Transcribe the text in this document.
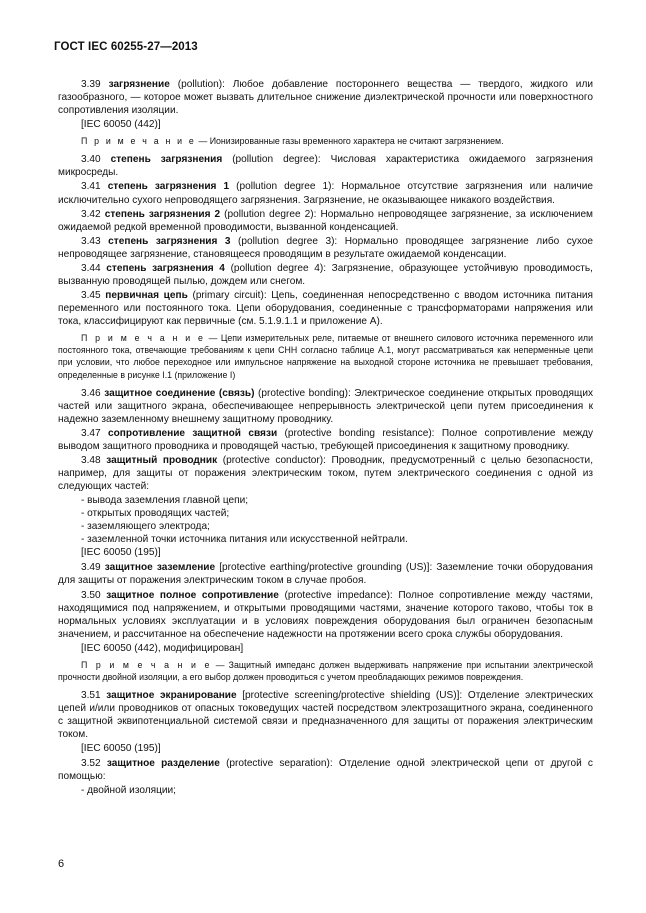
ГОСТ IEC 60255-27—2013

3.39 загрязнение (pollution): Любое добавление постороннего вещества — твердого, жидкого или газообразного, — которое может вызвать длительное снижение диэлектрической прочности или поверхностного сопротивления изоляции.

[IEC 60050 (442)]

П р и м е ч а н и е — Ионизированные газы временного характера не считают загрязнением.

3.40 степень загрязнения (pollution degree): Числовая характеристика ожидаемого загрязнения микросреды.

3.41 степень загрязнения 1 (pollution degree 1): Нормальное отсутствие загрязнения или наличие исключительно сухого непроводящего загрязнения. Загрязнение, не оказывающее никакого воздействия.

3.42 степень загрязнения 2 (pollution degree 2): Нормально непроводящее загрязнение, за исключением ожидаемой редкой временной проводимости, вызванной конденсацией.

3.43 степень загрязнения 3 (pollution degree 3): Нормально проводящее загрязнение либо сухое непроводящее загрязнение, становящееся проводящим в результате ожидаемой конденсации.

3.44 степень загрязнения 4 (pollution degree 4): Загрязнение, образующее устойчивую проводимость, вызванную проводящей пылью, дождем или снегом.

3.45 первичная цепь (primary circuit): Цепь, соединенная непосредственно с вводом источника питания переменного или постоянного тока. Цепи оборудования, соединенные с трансформаторами напряжения или тока, классифицируют как первичные (см. 5.1.9.1.1 и приложение А).

П р и м е ч а н и е — Цепи измерительных реле, питаемые от внешнего силового источника переменного или постоянного тока, отвечающие требованиям к цепи СНН согласно таблице А.1, могут рассматриваться как неперменные цепи при условии, что любое переходное или импульсное напряжение на выходной стороне источника не превышает требования, определенные в рисунке I.1 (приложение I)

3.46 защитное соединение (связь) (protective bonding): Электрическое соединение открытых проводящих частей или защитного экрана, обеспечивающее непрерывность электрической цепи путем присоединения к надежно заземленному внешнему защитному проводнику.

3.47 сопротивление защитной связи (protective bonding resistance): Полное сопротивление между выводом защитного проводника и проводящей частью, требующей присоединения к защитному проводнику.

3.48 защитный проводник (protective conductor): Проводник, предусмотренный с целью безопасности, например, для защиты от поражения электрическим током, путем электрического соединения с одной из следующих частей:

- вывода заземления главной цепи;

- открытых проводящих частей;

- заземляющего электрода;

- заземленной точки источника питания или искусственной нейтрали.

[IEC 60050 (195)]

3.49 защитное заземление [protective earthing/protective grounding (US)]: Заземление точки оборудования для защиты от поражения электрическим током в случае пробоя.

3.50 защитное полное сопротивление (protective impedance): Полное сопротивление между частями, находящимися под напряжением, и открытыми проводящими частями, значение которого таково, чтобы ток в нормальных условиях эксплуатации и в условиях повреждения оборудования был ограничен безопасным значением, и рассчитанное на обеспечение надежности на протяжении всего срока службы оборудования.

[IEC 60050 (442), модифицирован]

П р и м е ч а н и е — Защитный импеданс должен выдерживать напряжение при испытании электрической прочности двойной изоляции, а его выбор должен проводиться с учетом преобладающих режимов повреждения.

3.51 защитное экранирование [protective screening/protective shielding (US)]: Отделение электрических цепей и/или проводников от опасных токоведущих частей посредством электрозащитного экрана, соединенного с защитной эквипотенциальной системой связи и предназначенного для защиты от поражения электрическим током.

[IEC 60050 (195)]

3.52 защитное разделение (protective separation): Отделение одной электрической цепи от другой с помощью:

- двойной изоляции;

6
